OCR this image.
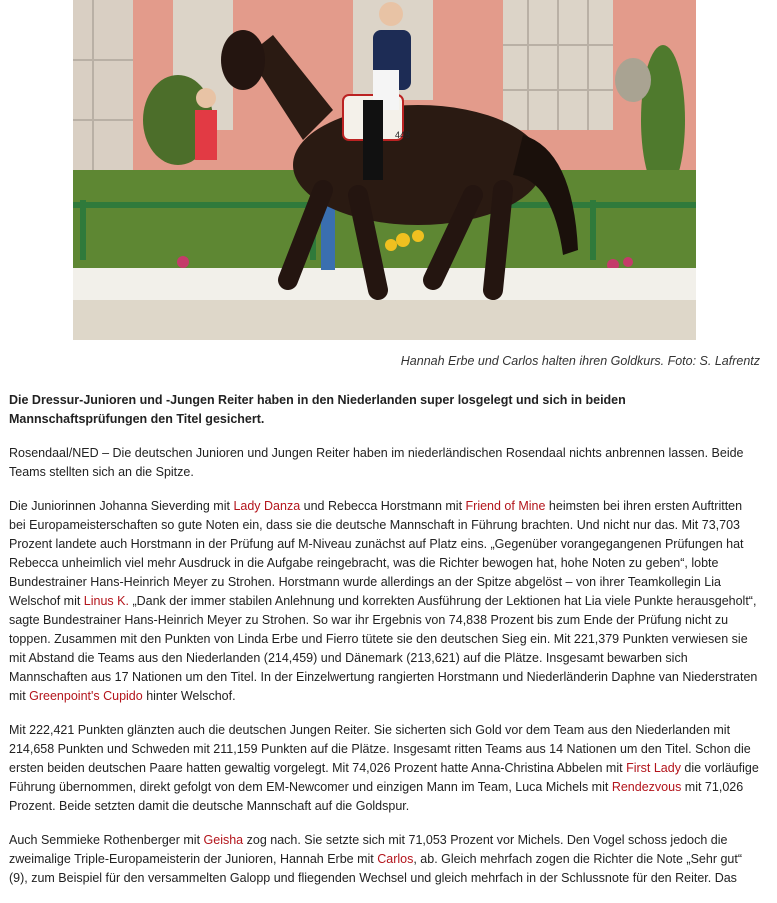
448
Hannah Erbe und Carlos halten ihren Goldkurs. Foto: S. Lafrentz

Die Dressur-Junioren und -Jungen Reiter haben in den Niederlanden super losgelegt und sich in beiden Mannschaftsprüfungen den Titel gesichert.

Rosendaal/NED – Die deutschen Junioren und Jungen Reiter haben im niederländischen Rosendaal nichts anbrennen lassen. Beide Teams stellten sich an die Spitze.

Die Juniorinnen Johanna Sieverding mit Lady Danza und Rebecca Horstmann mit Friend of Mine heimsten bei ihren ersten Auftritten bei Europameisterschaften so gute Noten ein, dass sie die deutsche Mannschaft in Führung brachten. Und nicht nur das. Mit 73,703 Prozent landete auch Horstmann in der Prüfung auf M-Niveau zunächst auf Platz eins. „Gegenüber vorangegangenen Prüfungen hat Rebecca unheimlich viel mehr Ausdruck in die Aufgabe reingebracht, was die Richter bewogen hat, hohe Noten zu geben“, lobte Bundestrainer Hans-Heinrich Meyer zu Strohen. Horstmann wurde allerdings an der Spitze abgelöst – von ihrer Teamkollegin Lia Welschof mit Linus K. „Dank der immer stabilen Anlehnung und korrekten Ausführung der Lektionen hat Lia viele Punkte herausgeholt“, sagte Bundestrainer Hans-Heinrich Meyer zu Strohen. So war ihr Ergebnis von 74,838 Prozent bis zum Ende der Prüfung nicht zu toppen. Zusammen mit den Punkten von Linda Erbe und Fierro tütete sie den deutschen Sieg ein. Mit 221,379 Punkten verwiesen sie mit Abstand die Teams aus den Niederlanden (214,459) und Dänemark (213,621) auf die Plätze. Insgesamt bewarben sich Mannschaften aus 17 Nationen um den Titel. In der Einzelwertung rangierten Horstmann und Niederländerin Daphne van Niederstraten mit Greenpoint's Cupido hinter Welschof.

Mit 222,421 Punkten glänzten auch die deutschen Jungen Reiter. Sie sicherten sich Gold vor dem Team aus den Niederlanden mit 214,658 Punkten und Schweden mit 211,159 Punkten auf die Plätze. Insgesamt ritten Teams aus 14 Nationen um den Titel. Schon die ersten beiden deutschen Paare hatten gewaltig vorgelegt. Mit 74,026 Prozent hatte Anna-Christina Abbelen mit First Lady die vorläufige Führung übernommen, direkt gefolgt von dem EM-Newcomer und einzigen Mann im Team, Luca Michels mit Rendezvous mit 71,026 Prozent. Beide setzten damit die deutsche Mannschaft auf die Goldspur.

Auch Semmieke Rothenberger mit Geisha zog nach. Sie setzte sich mit 71,053 Prozent vor Michels. Den Vogel schoss jedoch die zweimalige Triple-Europameisterin der Junioren, Hannah Erbe mit Carlos, ab. Gleich mehrfach zogen die Richter die Note „Sehr gut“ (9), zum Beispiel für den versammelten Galopp und fliegenden Wechsel und gleich mehrfach in der Schlussnote für den Reiter. Das
